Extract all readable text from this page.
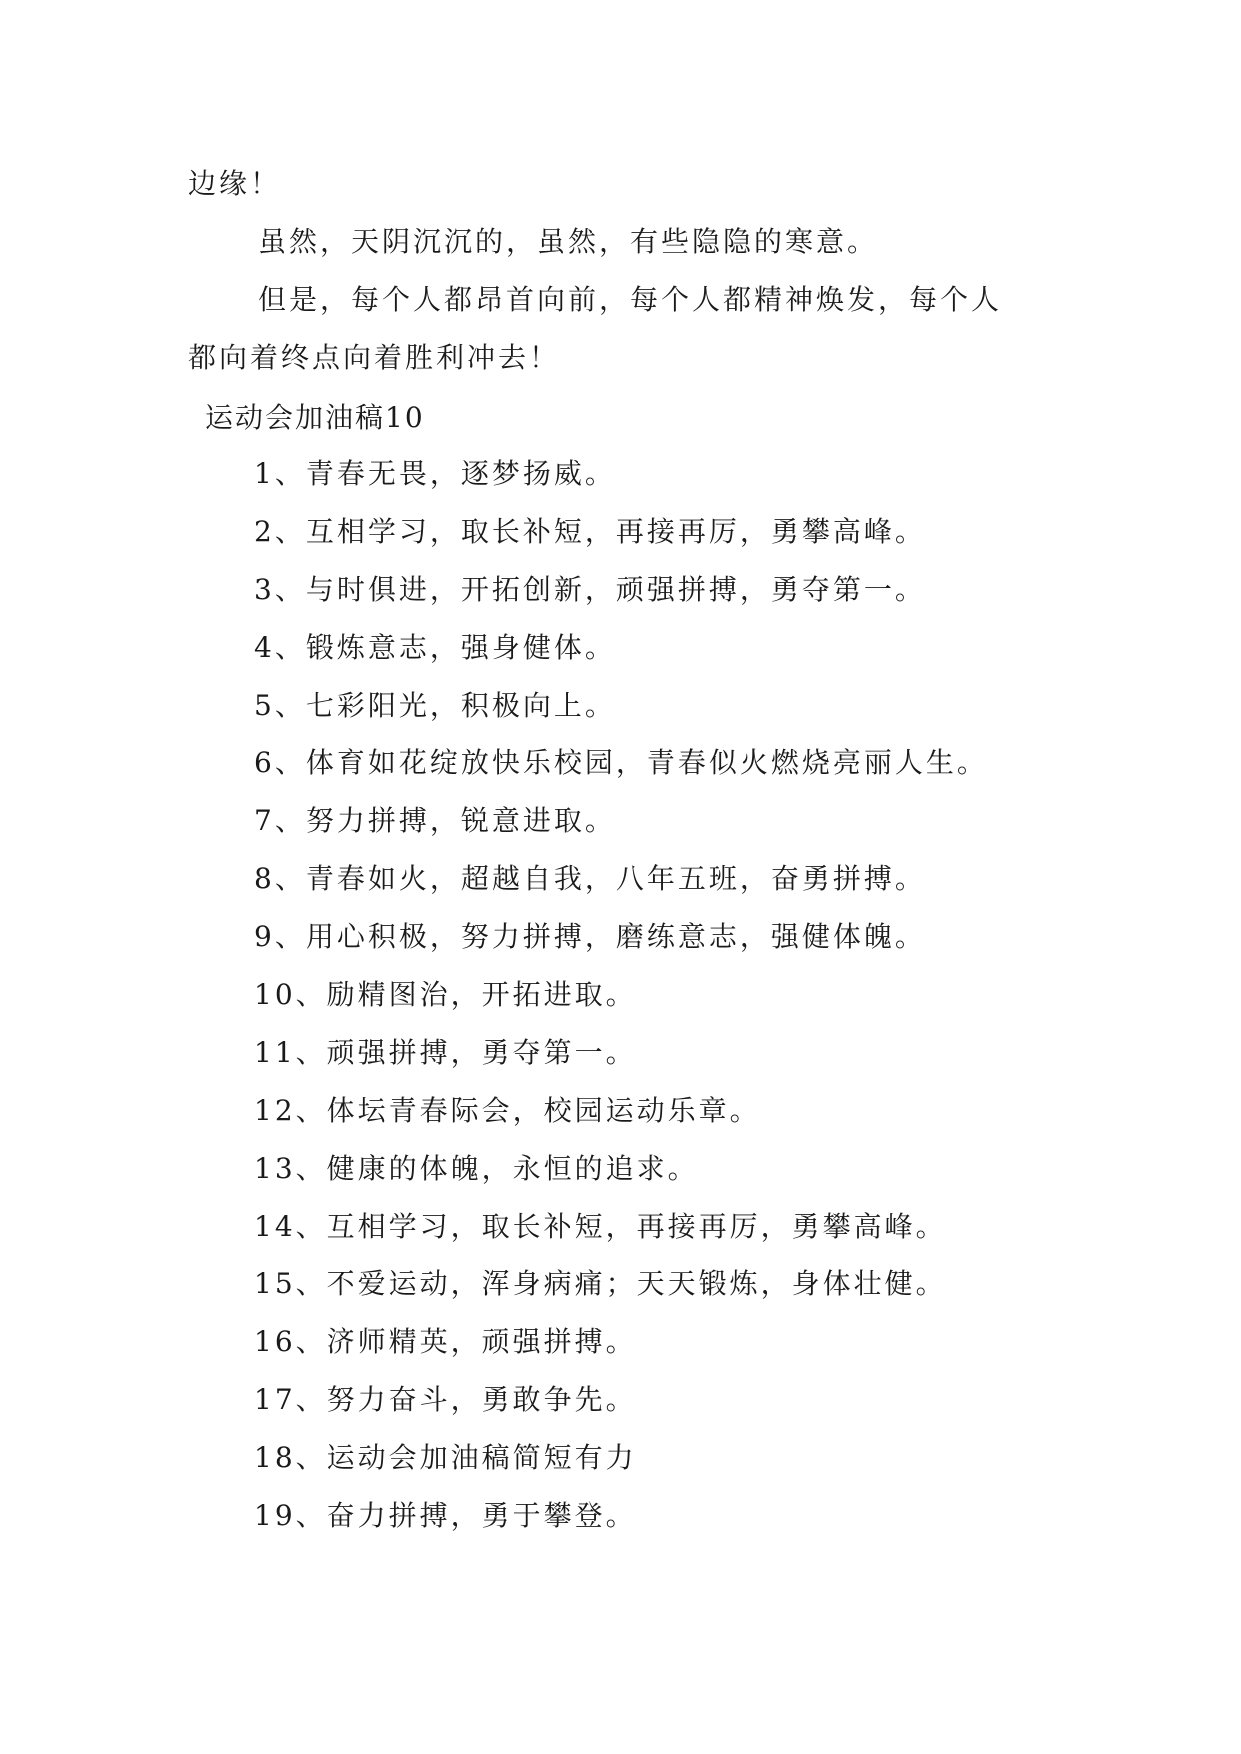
边缘！
虽然，天阴沉沉的，虽然，有些隐隐的寒意。
但是，每个人都昂首向前，每个人都精神焕发，每个人
都向着终点向着胜利冲去！
运动会加油稿10
1、青春无畏，逐梦扬威。
2、互相学习，取长补短，再接再厉，勇攀高峰。
3、与时俱进，开拓创新，顽强拼搏，勇夺第一。
4、锻炼意志，强身健体。
5、七彩阳光，积极向上。
6、体育如花绽放快乐校园，青春似火燃烧亮丽人生。
7、努力拼搏，锐意进取。
8、青春如火，超越自我，八年五班，奋勇拼搏。
9、用心积极，努力拼搏，磨练意志，强健体魄。
10、励精图治，开拓进取。
11、顽强拼搏，勇夺第一。
12、体坛青春际会，校园运动乐章。
13、健康的体魄，永恒的追求。
14、互相学习，取长补短，再接再厉，勇攀高峰。
15、不爱运动，浑身病痛；天天锻炼，身体壮健。
16、济师精英，顽强拼搏。
17、努力奋斗，勇敢争先。
18、运动会加油稿简短有力
19、奋力拼搏，勇于攀登。
